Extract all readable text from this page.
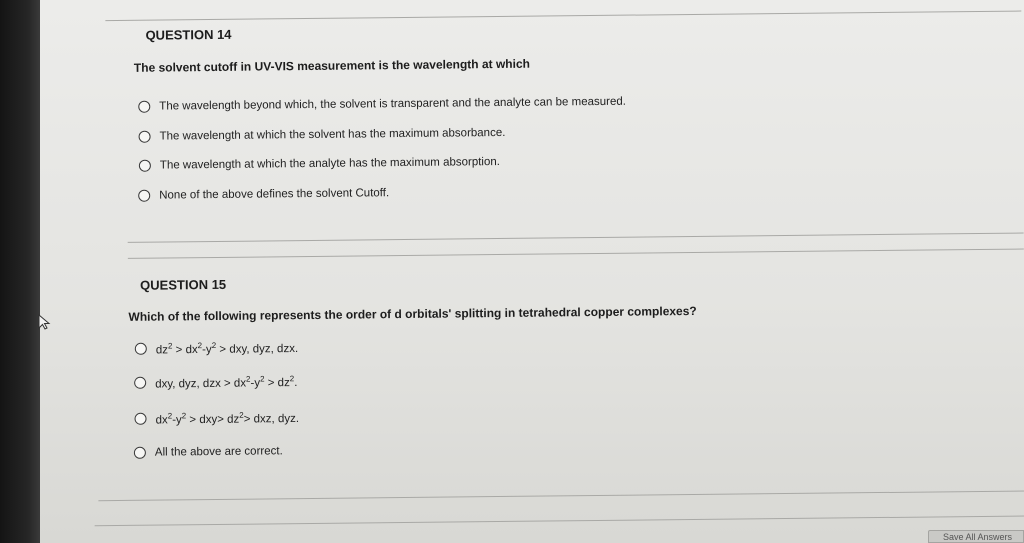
QUESTION 14
The solvent cutoff in UV-VIS measurement is the wavelength at which
The wavelength beyond which, the solvent is transparent and the analyte can be measured.
The wavelength at which the solvent has the maximum absorbance.
The wavelength at which the analyte has the maximum absorption.
None of the above defines the solvent Cutoff.
QUESTION 15
Which of the following represents the order of d orbitals' splitting in tetrahedral copper complexes?
$dz^2 > dx^2-y^2$ > dxy, dyz, dzx.
dxy, dyz, dzx > $dx^2-y^2 > dz^2$.
$dx^2-y^2 > dxy> dz^2>$ dxz, dyz.
All the above are correct.
Save All Answers
